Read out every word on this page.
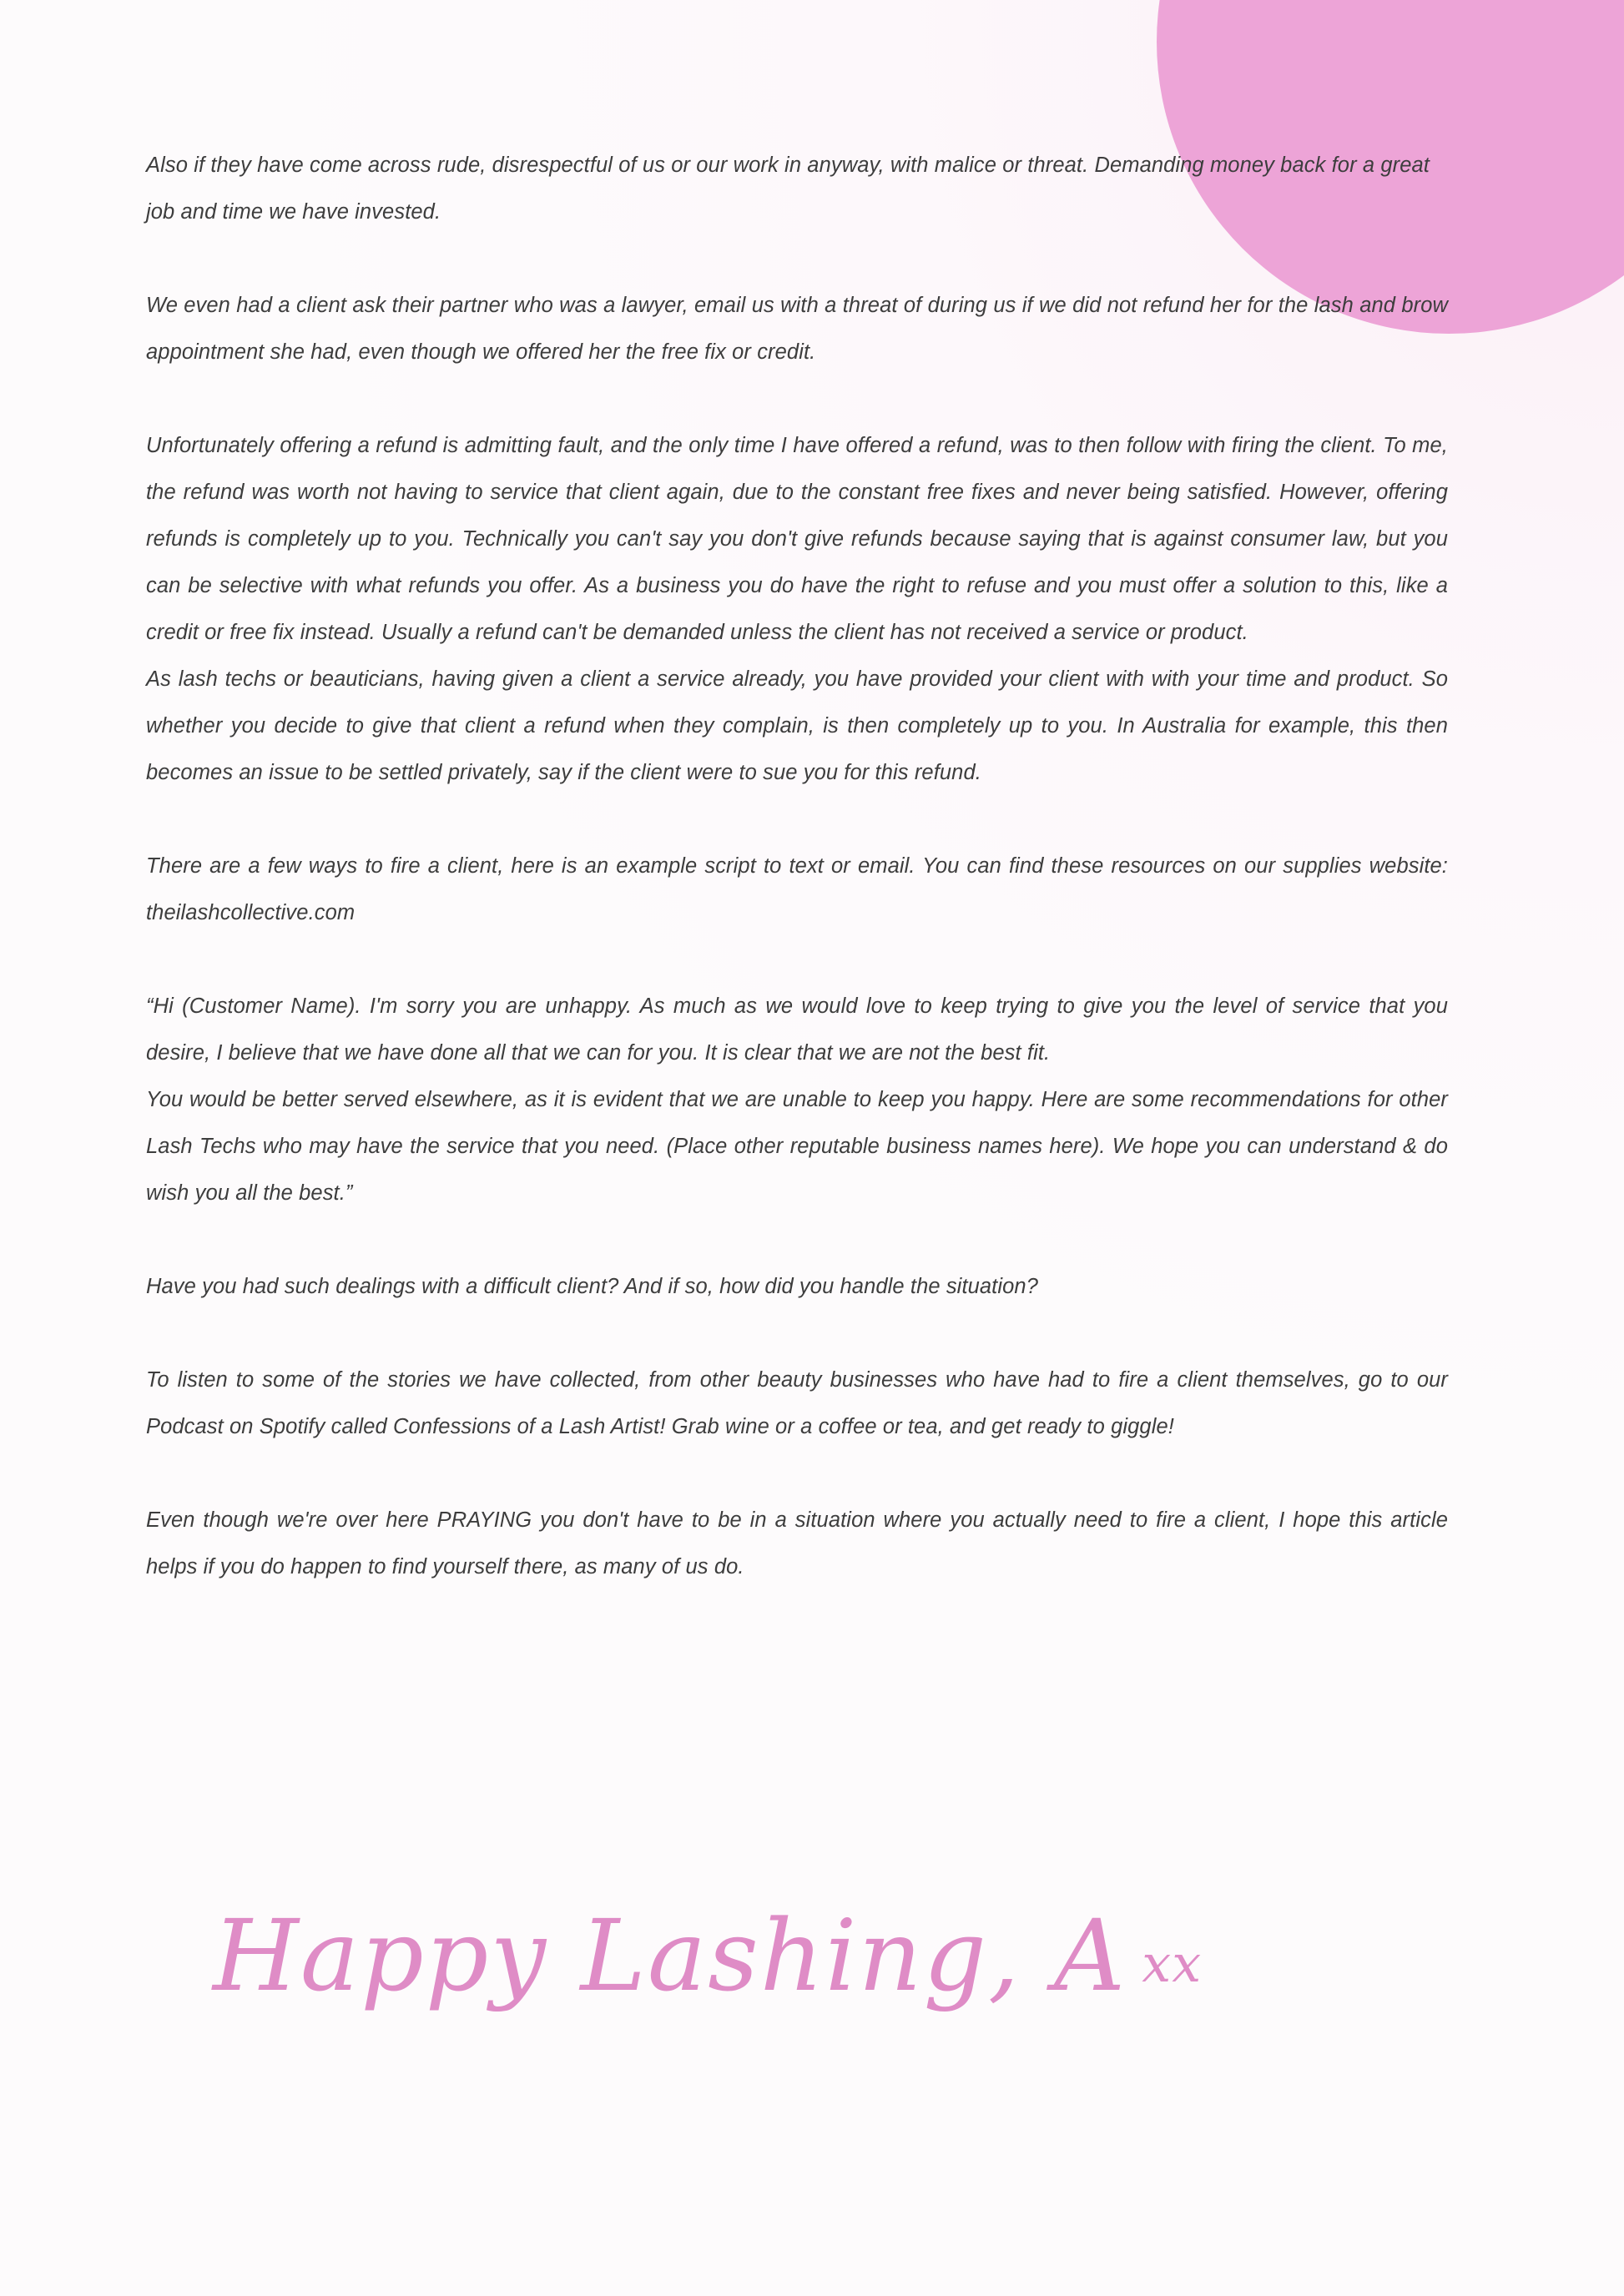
Also if they have come across rude, disrespectful of us or our work in anyway, with malice or threat. Demanding money back for a great job and time we have invested.

We even had a client ask their partner who was a lawyer, email us with a threat of during us if we did not refund her for the lash and brow appointment she had, even though we offered her the free fix or credit.

Unfortunately offering a refund is admitting fault, and the only time I have offered a refund, was to then follow with firing the client. To me, the refund was worth not having to service that client again, due to the constant free fixes and never being satisfied. However, offering refunds is completely up to you. Technically you can't say you don't give refunds because saying that is against consumer law, but you can be selective with what refunds you offer. As a business you do have the right to refuse and you must offer a solution to this, like a credit or free fix instead. Usually a refund can't be demanded unless the client has not received a service or product.

As lash techs or beauticians, having given a client a service already, you have provided your client with with your time and product. So whether you decide to give that client a refund when they complain, is then completely up to you. In Australia for example, this then becomes an issue to be settled privately, say if the client were to sue you for this refund.

There are a few ways to fire a client, here is an example script to text or email. You can find these resources on our supplies website: theilashcollective.com

“Hi (Customer Name). I'm sorry you are unhappy. As much as we would love to keep trying to give you the level of service that you desire, I believe that we have done all that we can for you. It is clear that we are not the best fit.

You would be better served elsewhere, as it is evident that we are unable to keep you happy. Here are some recommendations for other Lash Techs who may have the service that you need. (Place other reputable business names here). We hope you can understand & do wish you all the best.”

Have you had such dealings with a difficult client? And if so, how did you handle the situation?

To listen to some of the stories we have collected, from other beauty businesses who have had to fire a client themselves, go to our Podcast on Spotify called Confessions of a Lash Artist! Grab wine or a coffee or tea, and get ready to giggle!

Even though we're over here PRAYING you don't have to be in a situation where you actually need to fire a client, I hope this article helps if you do happen to find yourself there, as many of us do.

Happy Lashing, A xx
